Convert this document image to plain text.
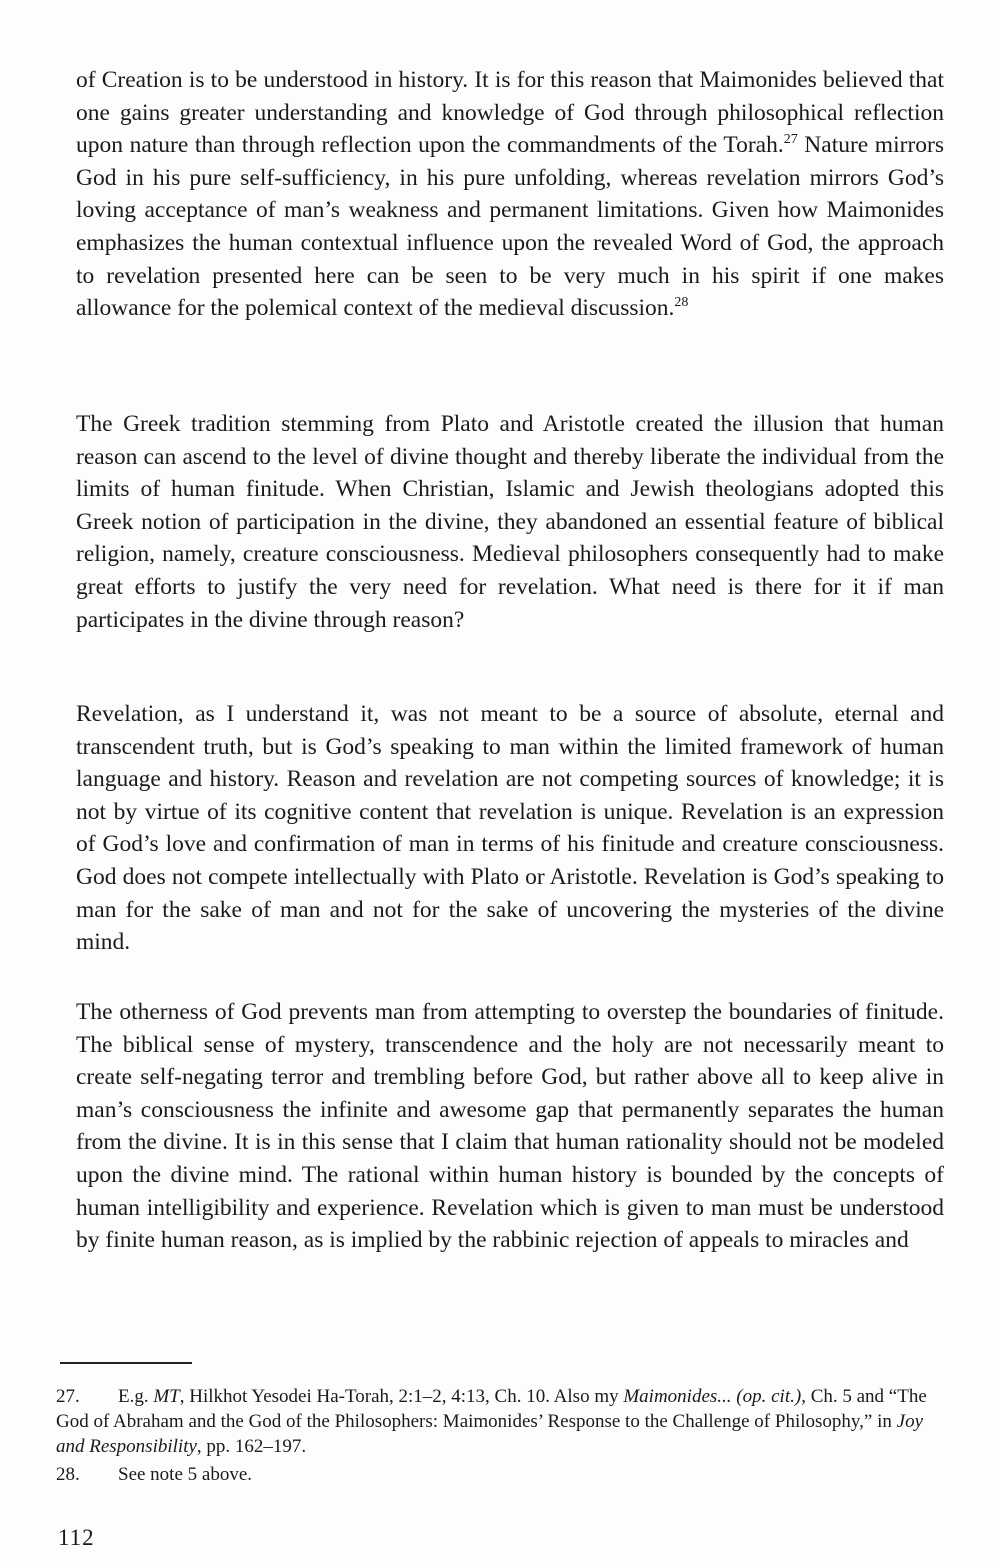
of Creation is to be understood in history. It is for this reason that Maimonides believed that one gains greater understanding and knowledge of God through philosophical reflection upon nature than through reflection upon the commandments of the Torah.$^{27}$ Nature mirrors God in his pure self-sufficiency, in his pure unfolding, whereas revelation mirrors God’s loving acceptance of man’s weakness and permanent limitations. Given how Maimonides emphasizes the human contextual influence upon the revealed Word of God, the approach to revelation presented here can be seen to be very much in his spirit if one makes allowance for the polemical context of the medieval discussion.$^{28}$

The Greek tradition stemming from Plato and Aristotle created the illusion that human reason can ascend to the level of divine thought and thereby liberate the individual from the limits of human finitude. When Christian, Islamic and Jewish theologians adopted this Greek notion of participation in the divine, they abandoned an essential feature of biblical religion, namely, creature consciousness. Medieval philosophers consequently had to make great efforts to justify the very need for revelation. What need is there for it if man participates in the divine through reason?

Revelation, as I understand it, was not meant to be a source of absolute, eternal and transcendent truth, but is God’s speaking to man within the limited framework of human language and history. Reason and revelation are not competing sources of knowledge; it is not by virtue of its cognitive content that revelation is unique. Revelation is an expression of God’s love and confirmation of man in terms of his finitude and creature consciousness. God does not compete intellectually with Plato or Aristotle. Revelation is God’s speaking to man for the sake of man and not for the sake of uncovering the mysteries of the divine mind.

The otherness of God prevents man from attempting to overstep the boundaries of finitude. The biblical sense of mystery, transcendence and the holy are not necessarily meant to create self-negating terror and trembling before God, but rather above all to keep alive in man’s consciousness the infinite and awesome gap that permanently separates the human from the divine. It is in this sense that I claim that human rationality should not be modeled upon the divine mind. The rational within human history is bounded by the concepts of human intelligibility and experience. Revelation which is given to man must be understood by finite human reason, as is implied by the rabbinic rejection of appeals to miracles and

27. E.g. MT, Hilkhot Yesodei Ha-Torah, 2:1–2, 4:13, Ch. 10. Also my Maimonides... (op. cit.), Ch. 5 and “The God of Abraham and the God of the Philosophers: Maimonides’ Response to the Challenge of Philosophy,” in Joy and Responsibility, pp. 162–197.

28. See note 5 above.

112
